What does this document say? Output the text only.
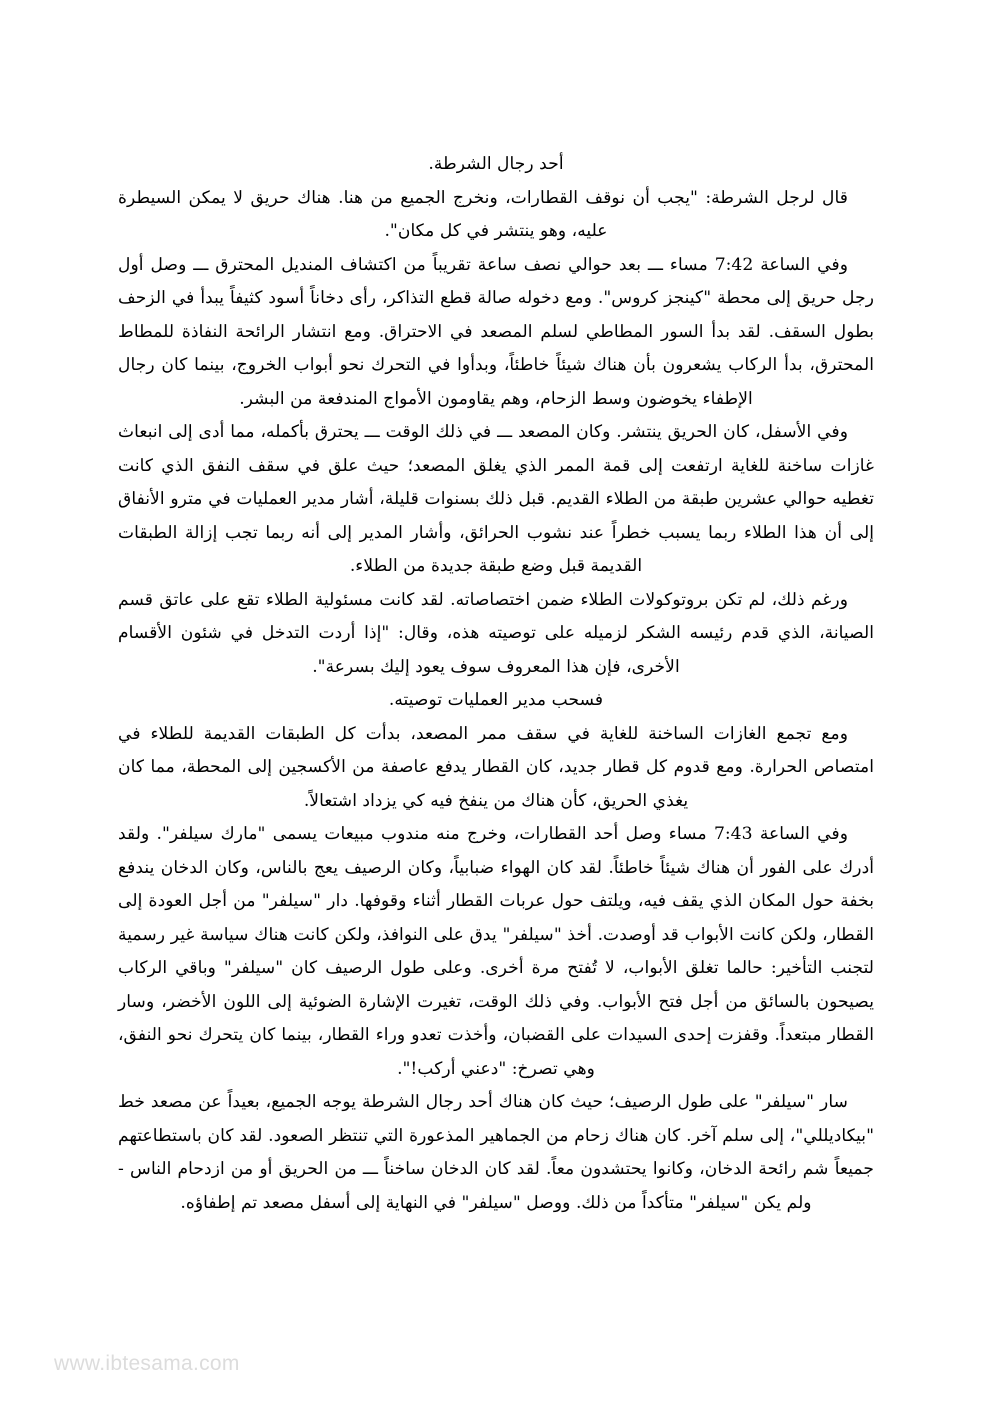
أحد رجال الشرطة.

قال لرجل الشرطة: "يجب أن نوقف القطارات، ونخرج الجميع من هنا. هناك حريق لا يمكن السيطرة عليه، وهو ينتشر في كل مكان".

وفي الساعة 7:42 مساء ـــ بعد حوالي نصف ساعة تقريباً من اكتشاف المنديل المحترق ـــ وصل أول رجل حريق إلى محطة "كينجز كروس". ومع دخوله صالة قطع التذاكر، رأى دخاناً أسود كثيفاً يبدأ في الزحف بطول السقف. لقد بدأ السور المطاطي لسلم المصعد في الاحتراق. ومع انتشار الرائحة النفاذة للمطاط المحترق، بدأ الركاب يشعرون بأن هناك شيئاً خاطئاً، وبدأوا في التحرك نحو أبواب الخروج، بينما كان رجال الإطفاء يخوضون وسط الزحام، وهم يقاومون الأمواج المندفعة من البشر.

وفي الأسفل، كان الحريق ينتشر. وكان المصعد ـــ في ذلك الوقت ـــ يحترق بأكمله، مما أدى إلى انبعاث غازات ساخنة للغاية ارتفعت إلى قمة الممر الذي يغلق المصعد؛ حيث علق في سقف النفق الذي كانت تغطيه حوالي عشرين طبقة من الطلاء القديم. قبل ذلك بسنوات قليلة، أشار مدير العمليات في مترو الأنفاق إلى أن هذا الطلاء ربما يسبب خطراً عند نشوب الحرائق، وأشار المدير إلى أنه ربما تجب إزالة الطبقات القديمة قبل وضع طبقة جديدة من الطلاء.

ورغم ذلك، لم تكن بروتوكولات الطلاء ضمن اختصاصاته. لقد كانت مسئولية الطلاء تقع على عاتق قسم الصيانة، الذي قدم رئيسه الشكر لزميله على توصيته هذه، وقال: "إذا أردت التدخل في شئون الأقسام الأخرى، فإن هذا المعروف سوف يعود إليك بسرعة".

فسحب مدير العمليات توصيته.

ومع تجمع الغازات الساخنة للغاية في سقف ممر المصعد، بدأت كل الطبقات القديمة للطلاء في امتصاص الحرارة. ومع قدوم كل قطار جديد، كان القطار يدفع عاصفة من الأكسجين إلى المحطة، مما كان يغذي الحريق، كأن هناك من ينفخ فيه كي يزداد اشتعالاً.

وفي الساعة 7:43 مساء وصل أحد القطارات، وخرج منه مندوب مبيعات يسمى "مارك سيلفر". ولقد أدرك على الفور أن هناك شيئاً خاطئاً. لقد كان الهواء ضبابياً، وكان الرصيف يعج بالناس، وكان الدخان يندفع بخفة حول المكان الذي يقف فيه، ويلتف حول عربات القطار أثناء وقوفها. دار "سيلفر" من أجل العودة إلى القطار، ولكن كانت الأبواب قد أوصدت. أخذ "سيلفر" يدق على النوافذ، ولكن كانت هناك سياسة غير رسمية لتجنب التأخير: حالما تغلق الأبواب، لا تُفتح مرة أخرى. وعلى طول الرصيف كان "سيلفر" وباقي الركاب يصيحون بالسائق من أجل فتح الأبواب. وفي ذلك الوقت، تغيرت الإشارة الضوئية إلى اللون الأخضر، وسار القطار مبتعداً. وقفزت إحدى السيدات على القضبان، وأخذت تعدو وراء القطار، بينما كان يتحرك نحو النفق، وهي تصرخ: "دعني أركب!".

سار "سيلفر" على طول الرصيف؛ حيث كان هناك أحد رجال الشرطة يوجه الجميع، بعيداً عن مصعد خط "بيكاديللي"، إلى سلم آخر. كان هناك زحام من الجماهير المذعورة التي تنتظر الصعود. لقد كان باستطاعتهم جميعاً شم رائحة الدخان، وكانوا يحتشدون معاً. لقد كان الدخان ساخناً ـــ من الحريق أو من ازدحام الناس - ولم يكن "سيلفر" متأكداً من ذلك. ووصل "سيلفر" في النهاية إلى أسفل مصعد تم إطفاؤه.

www.ibtesama.com
